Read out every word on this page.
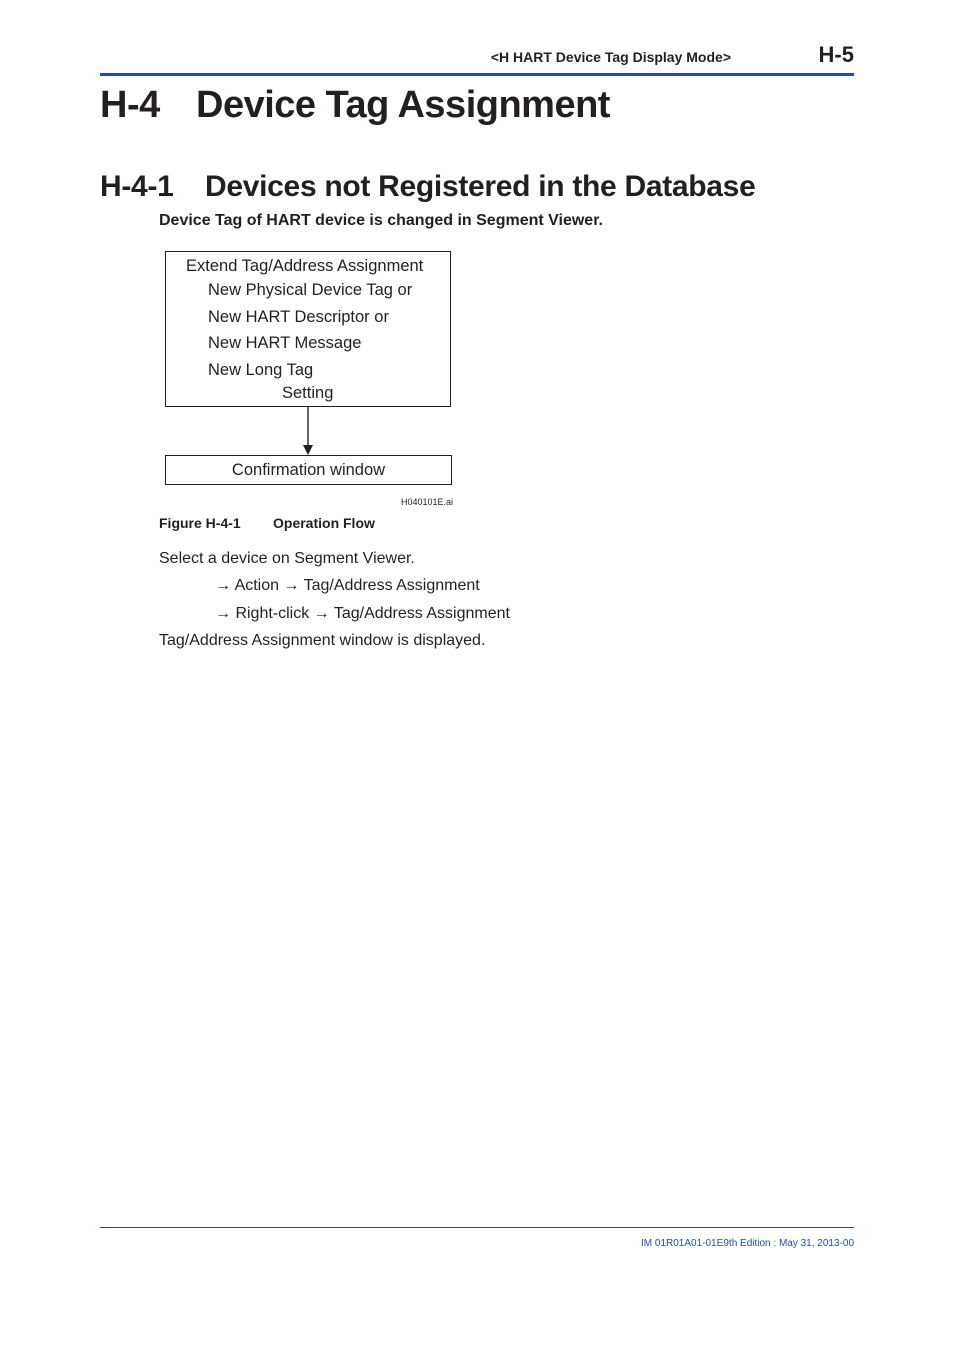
<H HART Device Tag Display Mode>	H-5
H-4 Device Tag Assignment
H-4-1 Devices not Registered in the Database
Device Tag of HART device is changed in Segment Viewer.
Extend Tag/Address Assignment
New Physical Device Tag or
New HART Descriptor or
New HART Message
New Long Tag
Setting
Confirmation window
H040101E.ai
Figure H-4-1 Operation Flow
Select a device on Segment Viewer.
→ Action → Tag/Address Assignment
→ Right-click → Tag/Address Assignment
Tag/Address Assignment window is displayed.
IM 01R01A01-01E 9th Edition : May 31, 2013-00
